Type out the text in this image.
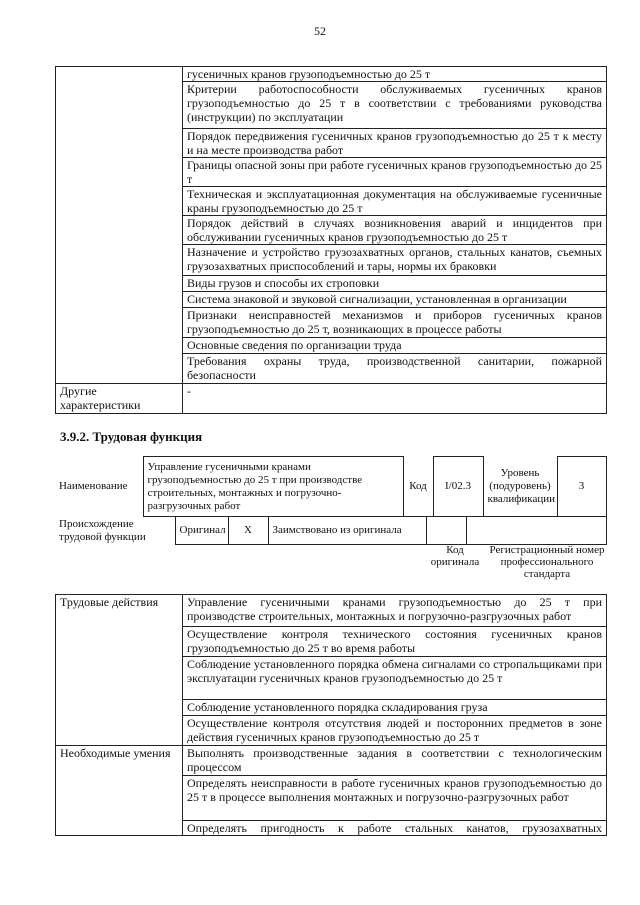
52
	гусеничных кранов грузоподъемностью до 25 т
	Критерии работоспособности обслуживаемых гусеничных кранов грузоподъемностью до 25 т в соответствии с требованиями руководства (инструкции) по эксплуатации
	Порядок передвижения гусеничных кранов грузоподъемностью до 25 т к месту и на месте производства работ
	Границы опасной зоны при работе гусеничных кранов грузоподъемностью до 25 т
	Техническая и эксплуатационная документация на обслуживаемые гусеничные краны грузоподъемностью до 25 т
	Порядок действий в случаях возникновения аварий и инцидентов при обслуживании гусеничных кранов грузоподъемностью до 25 т
	Назначение и устройство грузозахватных органов, стальных канатов, съемных грузозахватных приспособлений и тары, нормы их браковки
	Виды грузов и способы их строповки
	Система знаковой и звуковой сигнализации, установленная в организации
	Признаки неисправностей механизмов и приборов гусеничных кранов грузоподъемностью до 25 т, возникающих в процессе работы
	Основные сведения по организации труда
	Требования охраны труда, производственной санитарии, пожарной безопасности
Другие характеристики	-
3.9.2. Трудовая функция
Наименование	Управление гусеничными кранами грузоподъемностью до 25 т при производстве строительных, монтажных и погрузочно-разгрузочных работ	Код	I/02.3	Уровень (подуровень) квалификации	3
Происхождение трудовой функции	Оригинал	X	Заимствовано из оригинала		
Код оригинала
Регистрационный номер профессионального стандарта
Трудовые действия	Управление гусеничными кранами грузоподъемностью до 25 т при производстве строительных, монтажных и погрузочно-разгрузочных работ
	Осуществление контроля технического состояния гусеничных кранов грузоподъемностью до 25 т во время работы
	Соблюдение установленного порядка обмена сигналами со стропальщиками при эксплуатации гусеничных кранов грузоподъемностью до 25 т
	Соблюдение установленного порядка складирования груза
	Осуществление контроля отсутствия людей и посторонних предметов в зоне действия гусеничных кранов грузоподъемностью до 25 т
Необходимые умения	Выполнять производственные задания в соответствии с технологическим процессом
	Определять неисправности в работе гусеничных кранов грузоподъемностью до 25 т в процессе выполнения монтажных и погрузочно-разгрузочных работ
	Определять пригодность к работе стальных канатов, грузозахватных
